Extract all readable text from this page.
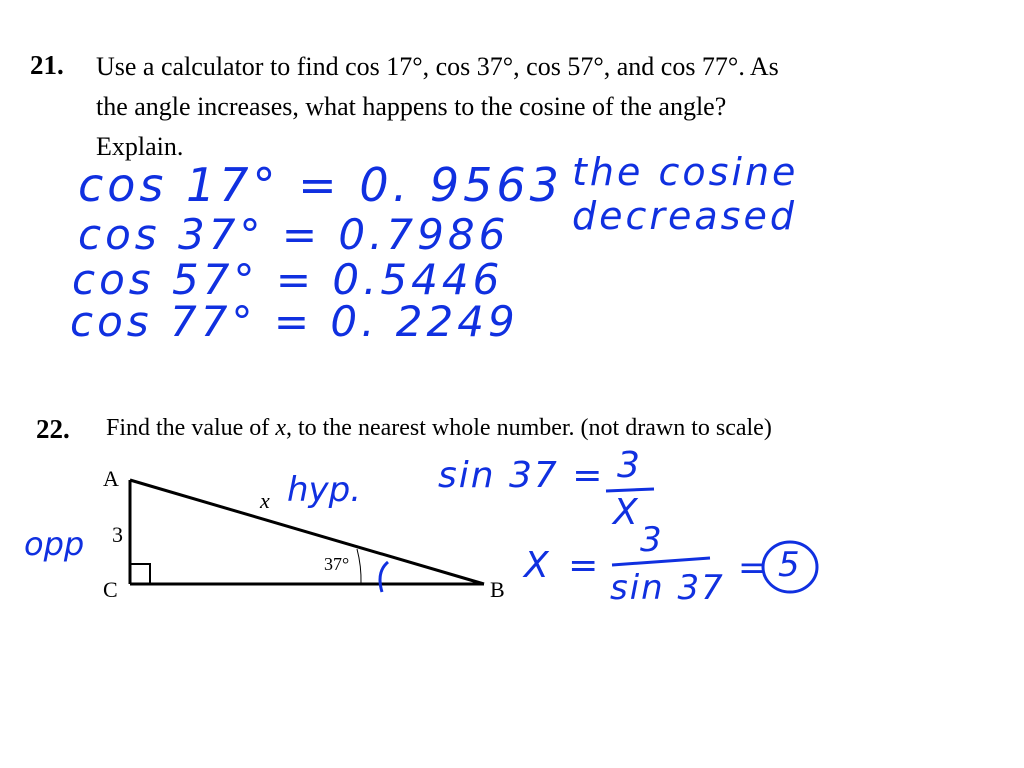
21. Use a calculator to find cos 17°, cos 37°, cos 57°, and cos 77°. As
the angle increases, what happens to the cosine of the angle?
Explain.
cos 17° = 0. 9563
cos 37° = 0.7986
cos 57° = 0.5446
cos 77° = 0. 2249
the cosine decreased
22. Find the value of x, to the nearest whole number. (not drawn to scale)
A
C	B
3
x
37°
opp
hyp. sin 37 = 3
X
X =
3
sin 37 = 5
